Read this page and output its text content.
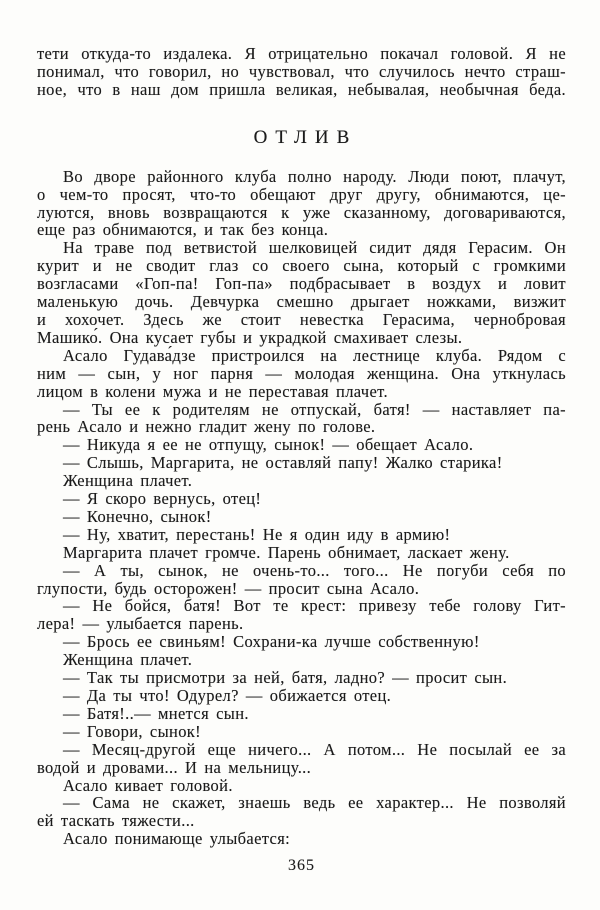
тети откуда-то издалека. Я отрицательно покачал головой. Я не
понимал, что говорил, но чувствовал, что случилось нечто страш-
ное, что в наш дом пришла великая, небывалая, необычная беда.
ОТЛИВ
Во дворе районного клуба полно народу. Люди поют, плачут,
о чем-то просят, что-то обещают друг другу, обнимаются, це-
луются, вновь возвращаются к уже сказанному, договариваются,
еще раз обнимаются, и так без конца.
На траве под ветвистой шелковицей сидит дядя Герасим. Он
курит и не сводит глаз со своего сына, который с громкими
возгласами «Гоп-па! Гоп-па» подбрасывает в воздух и ловит
маленькую дочь. Девчурка смешно дрыгает ножками, визжит
и хохочет. Здесь же стоит невестка Герасима, чернобровая
Машико́. Она кусает губы и украдкой смахивает слезы.
Асало Гудава́дзе пристроился на лестнице клуба. Рядом с
ним — сын, у ног парня — молодая женщина. Она уткнулась
лицом в колени мужа и не переставая плачет.
— Ты ее к родителям не отпускай, батя! — наставляет па-
рень Асало и нежно гладит жену по голове.
— Никуда я ее не отпущу, сынок! — обещает Асало.
— Слышь, Маргарита, не оставляй папу! Жалко старика!
Женщина плачет.
— Я скоро вернусь, отец!
— Конечно, сынок!
— Ну, хватит, перестань! Не я один иду в армию!
Маргарита плачет громче. Парень обнимает, ласкает жену.
— А ты, сынок, не очень-то... того... Не погуби себя по
глупости, будь осторожен! — просит сына Асало.
— Не бойся, батя! Вот те крест: привезу тебе голову Гит-
лера! — улыбается парень.
— Брось ее свиньям! Сохрани-ка лучше собственную!
Женщина плачет.
— Так ты присмотри за ней, батя, ладно? — просит сын.
— Да ты что! Одурел? — обижается отец.
— Батя!..— мнется сын.
— Говори, сынок!
— Месяц-другой еще ничего... А потом... Не посылай ее за
водой и дровами... И на мельницу...
Асало кивает головой.
— Сама не скажет, знаешь ведь ее характер... Не позволяй
ей таскать тяжести...
Асало понимающе улыбается:
365
